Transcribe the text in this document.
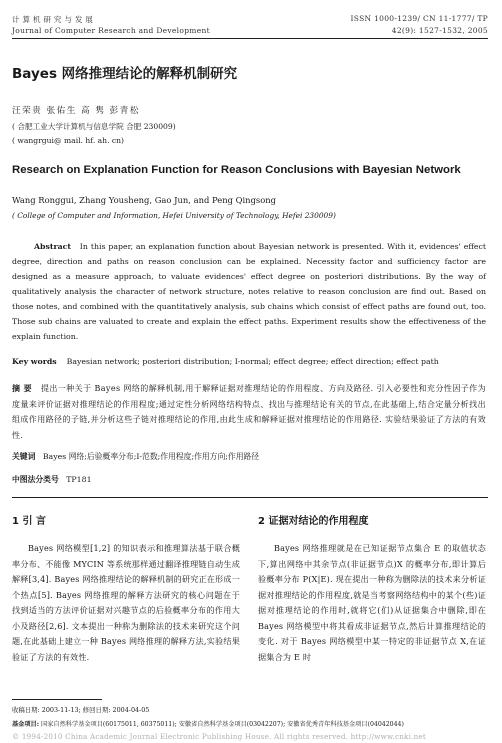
计 算 机 研 究 与 发 展	ISSN 1000-1239/ CN 11-1777/ TP
Journal of Computer Research and Development	42(9): 1527-1532, 2005
Bayes 网络推理结论的解释机制研究
汪荣贵 张佑生 高 隽 彭青松
( 合肥工业大学计算机与信息学院 合肥 230009)
( wangrgui@ mail. hf. ah. cn)
Research on Explanation Function for Reason Conclusions with Bayesian Network
Wang Ronggui, Zhang Yousheng, Gao Jun, and Peng Qingsong
( College of Computer and Information, Hefei University of Technology, Hefei 230009)
Abstract In this paper, an explanation function about Bayesian network is presented. With it, evidences' effect degree, direction and paths on reason conclusion can be explained. Necessity factor and sufficiency factor are designed as a measure approach, to valuate evidences' effect degree on posteriori distributions. By the way of qualitatively analysis the character of network structure, notes relative to reason conclusion are find out. Based on those notes, and combined with the quantitatively analysis, sub chains which consist of effect paths are found out, too. Those sub chains are valuated to create and explain the effect paths. Experiment results show the effectiveness of the explain function.
Key words Bayesian network; posteriori distribution; Ⅰ-normal; effect degree; effect direction; effect path
摘 要 提出一种关于 Bayes 网络的解释机制,用于解释证据对推理结论的作用程度、方向及路径. 引入必要性和充分性因子作为度量来评价证据对推理结论的作用程度;通过定性分析网络结构特点、找出与推理结论有关的节点,在此基础上,结合定量分析找出组成作用路径的子链,并分析这些子链对推理结论的作用,由此生成和解释证据对推理结论的作用路径. 实验结果验证了方法的有效性.
关键词 Bayes 网络;后验概率分布;Ⅰ-范数;作用程度;作用方向;作用路径
中图法分类号 TP181
1 引 言	2 证据对结论的作用程度
Bayes 网络模型[1,2] 的知识表示和推理算法基于联合概率分布、不能像 MYCIN 等系统那样通过翻译推理链自动生成解释[3,4]. Bayes 网络推理结论的解释机制的研究正在形成一个热点[5]. Bayes 网络推理的解释方法研究的核心问题在于找到适当的方法评价证据对兴趣节点的后验概率分布的作用大小及路径[2,6]. 文本提出一种称为删除法的技术来研究这个问题,在此基础上建立一种 Bayes 网络推理的解释方法,实验结果验证了方法的有效性.
Bayes 网络推理就是在已知证据节点集合 E 的取值状态下,算出网络中其余节点(非证据节点)X 的概率分布,即计算后验概率分布 P(X|E). 现在提出一种称为删除法的技术来分析证据对推理结论的作用程度,就是当考察网络结构中的某个(些)证据对推理结论的作用时,就将它(们)从证据集合中删除,即在 Bayes 网络模型中将其看成非证据节点,然后计算推理结论的变化. 对于 Bayes 网络模型中某一特定的非证据节点 X,在证据集合为 E 时
收稿日期: 2003-11-13; 修回日期: 2004-04-05
基金项目: 国家自然科学基金项目(60175011, 60375011); 安徽省自然科学基金项目(03042207); 安徽省优秀青年科技基金项目(04042044)
© 1994-2010 China Academic Journal Electronic Publishing House. All rights reserved. http://www.cnki.net
